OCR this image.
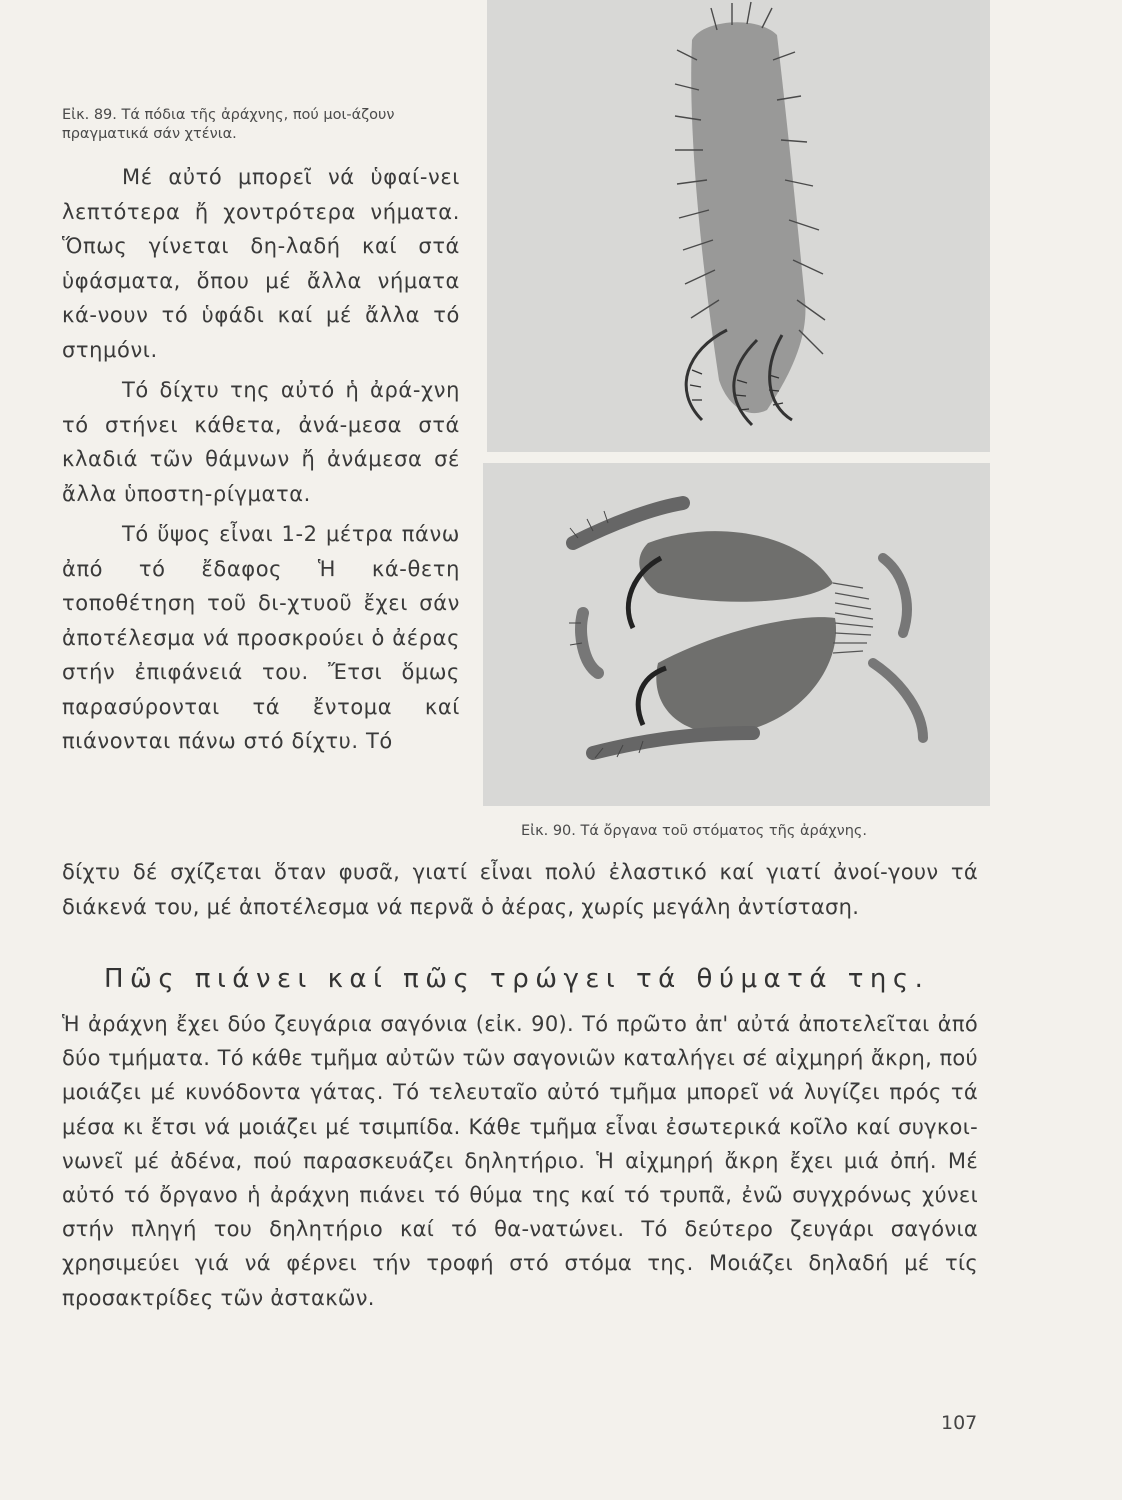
Εἰκ. 89. Τά πόδια τῆς ἀράχνης, πού μοι-άζουν πραγματικά σάν χτένια.
Εἰκ. 90. Τά ὄργανα τοῦ στόματος τῆς ἀράχνης.

Μέ αὐτό μπορεῖ νά ὑφαί-νει λεπτότερα ἤ χοντρότερα νήματα. Ὅπως γίνεται δη-λαδή καί στά ὑφάσματα, ὅπου μέ ἄλλα νήματα κά-νουν τό ὑφάδι καί μέ ἄλλα τό στημόνι.

Τό δίχτυ της αὐτό ἡ ἀρά-χνη τό στήνει κάθετα, ἀνά-μεσα στά κλαδιά τῶν θάμνων ἤ ἀνάμεσα σέ ἄλλα ὑποστη-ρίγματα.

Τό ὕψος εἶναι 1-2 μέτρα πάνω ἀπό τό ἔδαφος Ἡ κά-θετη τοποθέτηση τοῦ δι-χτυοῦ ἔχει σάν ἀποτέλεσμα νά προσκρούει ὁ ἀέρας στήν ἐπιφάνειά του. Ἔτσι ὅμως παρασύρονται τά ἔντομα καί πιάνονται πάνω στό δίχτυ. Τό

δίχτυ δέ σχίζεται ὅταν φυσᾶ, γιατί εἶναι πολύ ἐλαστικό καί γιατί ἀνοί-γουν τά διάκενά του, μέ ἀποτέλεσμα νά περνᾶ ὁ ἀέρας, χωρίς μεγάλη ἀντίσταση.

Πῶς πιάνει καί πῶς τρώγει τά θύματά της.

Ἡ ἀράχνη ἔχει δύο ζευγάρια σαγόνια (εἰκ. 90). Τό πρῶτο ἀπ' αὐτά ἀποτελεῖται ἀπό δύο τμήματα. Τό κάθε τμῆμα αὐτῶν τῶν σαγονιῶν καταλήγει σέ αἰχμηρή ἄκρη, πού μοιάζει μέ κυνόδοντα γάτας. Τό τελευταῖο αὐτό τμῆμα μπορεῖ νά λυγίζει πρός τά μέσα κι ἔτσι νά μοιάζει μέ τσιμπίδα. Κάθε τμῆμα εἶναι ἐσωτερικά κοῖλο καί συγκοι-νωνεῖ μέ ἀδένα, πού παρασκευάζει δηλητήριο. Ἡ αἰχμηρή ἄκρη ἔχει μιά ὀπή. Μέ αὐτό τό ὄργανο ἡ ἀράχνη πιάνει τό θύμα της καί τό τρυπᾶ, ἐνῶ συγχρόνως χύνει στήν πληγή του δηλητήριο καί τό θα-νατώνει. Τό δεύτερο ζευγάρι σαγόνια χρησιμεύει γιά νά φέρνει τήν τροφή στό στόμα της. Μοιάζει δηλαδή μέ τίς προσακτρίδες τῶν ἀστακῶν.

107
